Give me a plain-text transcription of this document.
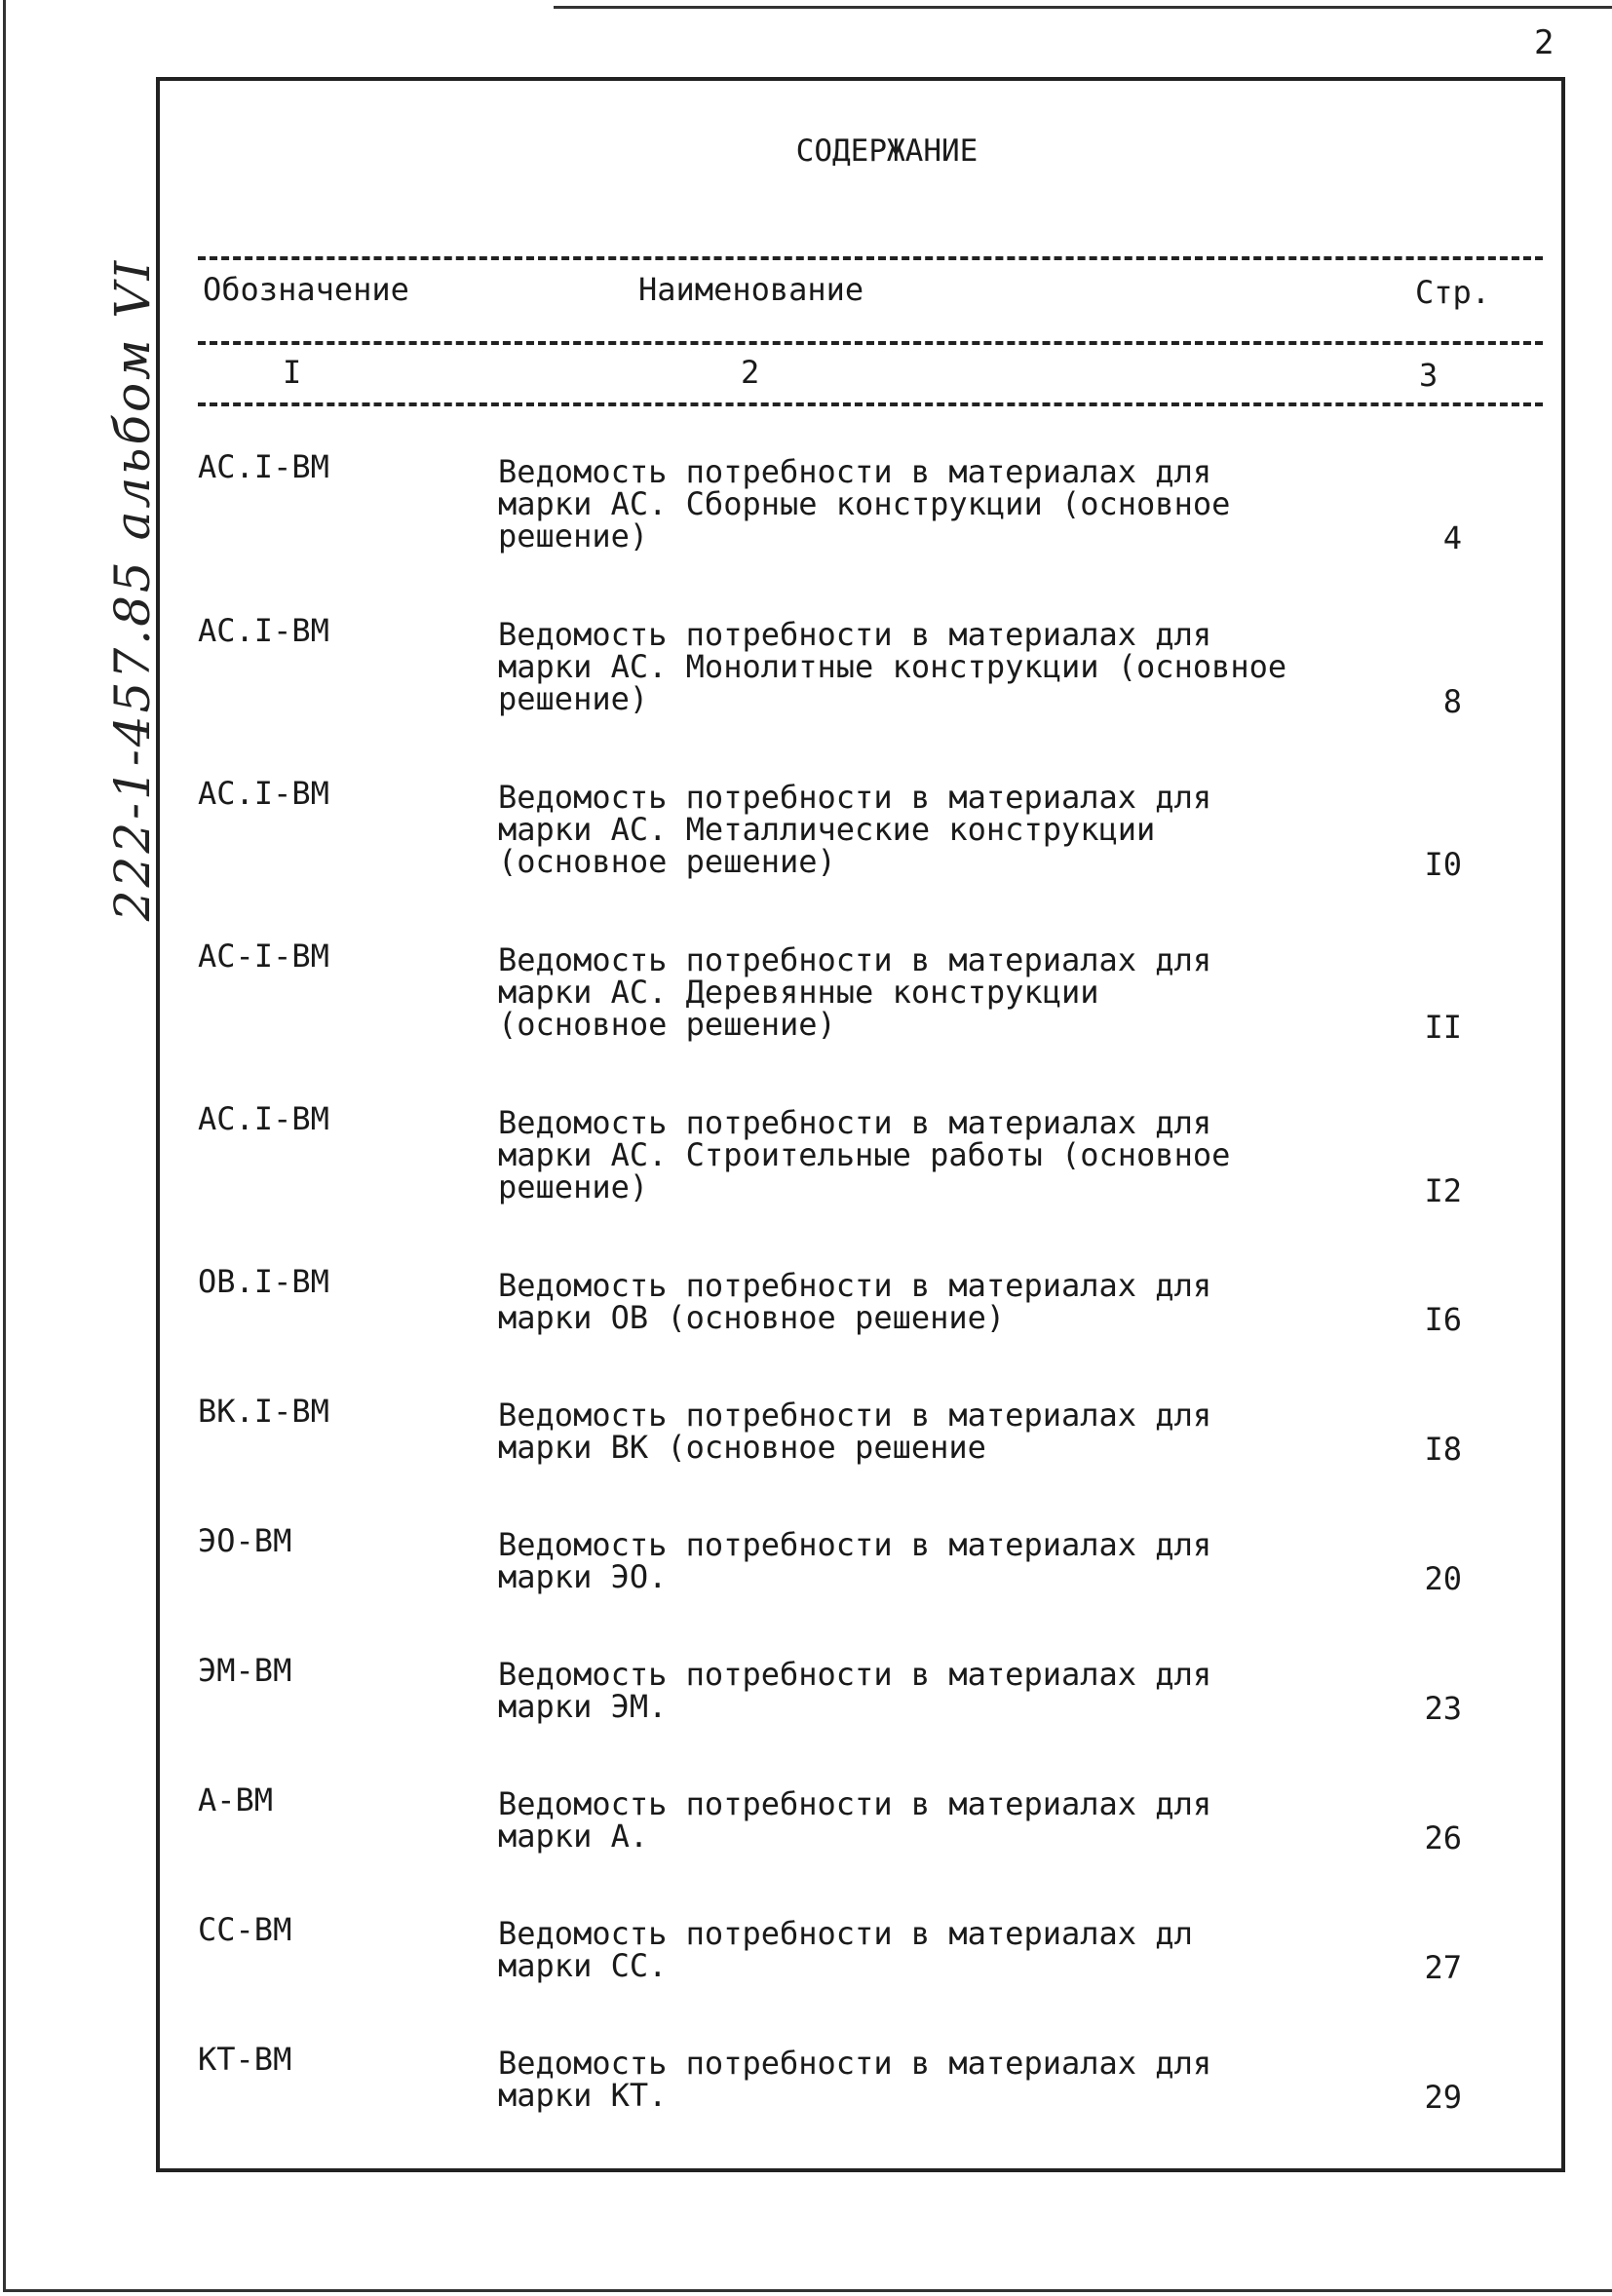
2
222-1-457.85 альбом VI
СОДЕРЖАНИЕ
Обозначение	Наименование	Стр.
I	2	3
АС.I-ВМ	Ведомость потребности в материалах для
марки АС. Сборные конструкции (основное
решение)	4
АС.I-ВМ	Ведомость потребности в материалах для
марки АС. Монолитные конструкции (основное
решение)	8
АС.I-ВМ	Ведомость потребности в материалах для
марки АС. Металлические конструкции
(основное решение)	I0
АС-I-ВМ	Ведомость потребности в материалах для
марки АС. Деревянные конструкции
(основное решение)	II
АС.I-ВМ	Ведомость потребности в материалах для
марки АС. Строительные работы (основное
решение)	I2
ОВ.I-ВМ	Ведомость потребности в материалах для
марки ОВ (основное решение)	I6
ВК.I-ВМ	Ведомость потребности в материалах для
марки ВК (основное решение	I8
ЭО-ВМ	Ведомость потребности в материалах для
марки ЭО.	20
ЭМ-ВМ	Ведомость потребности в материалах для
марки ЭМ.	23
А-ВМ	Ведомость потребности в материалах для
марки А.	26
СС-ВМ	Ведомость потребности в материалах дл
марки СС.	27
КТ-ВМ	Ведомость потребности в материалах для
марки КТ.	29
